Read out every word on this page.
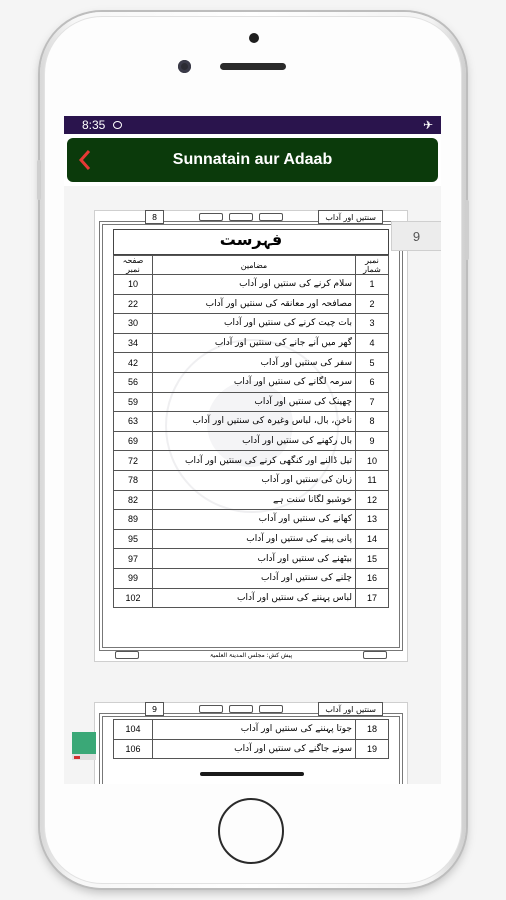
8:35	✈
Sunnatain aur Adaab
8	سنتیں اور آداب
فہرست
صفحہ نمبر	مضامین	نمبر شمار
10	سلام کرنے کی سنتیں اور آداب	1
22	مصافحہ اور معانقہ کی سنتیں اور آداب	2
30	بات چیت کرنے کی سنتیں اور آداب	3
34	گھر میں آنے جانے کی سنتیں اور آداب	4
42	سفر کی سنتیں اور آداب	5
56	سرمہ لگانے کی سنتیں اور آداب	6
59	چھینک کی سنتیں اور آداب	7
63	ناخن، بال، لباس وغیرہ کی سنتیں اور آداب	8
69	بال رکھنے کی سنتیں اور آداب	9
72	تیل ڈالنے اور کنگھی کرنے کی سنتیں اور آداب	10
78	زبان کی سنتیں اور آداب	11
82	خوشبو لگانا سنت ہے	12
89	کھانے کی سنتیں اور آداب	13
95	پانی پینے کی سنتیں اور آداب	14
97	بیٹھنے کی سنتیں اور آداب	15
99	چلنے کی سنتیں اور آداب	16
102	لباس پہننے کی سنتیں اور آداب	17
پیش کش: مجلس المدینۃ العلمیۃ
9	سنتیں اور آداب
104	جوتا پہننے کی سنتیں اور آداب	18
106	سونے جاگنے کی سنتیں اور آداب	19
9
